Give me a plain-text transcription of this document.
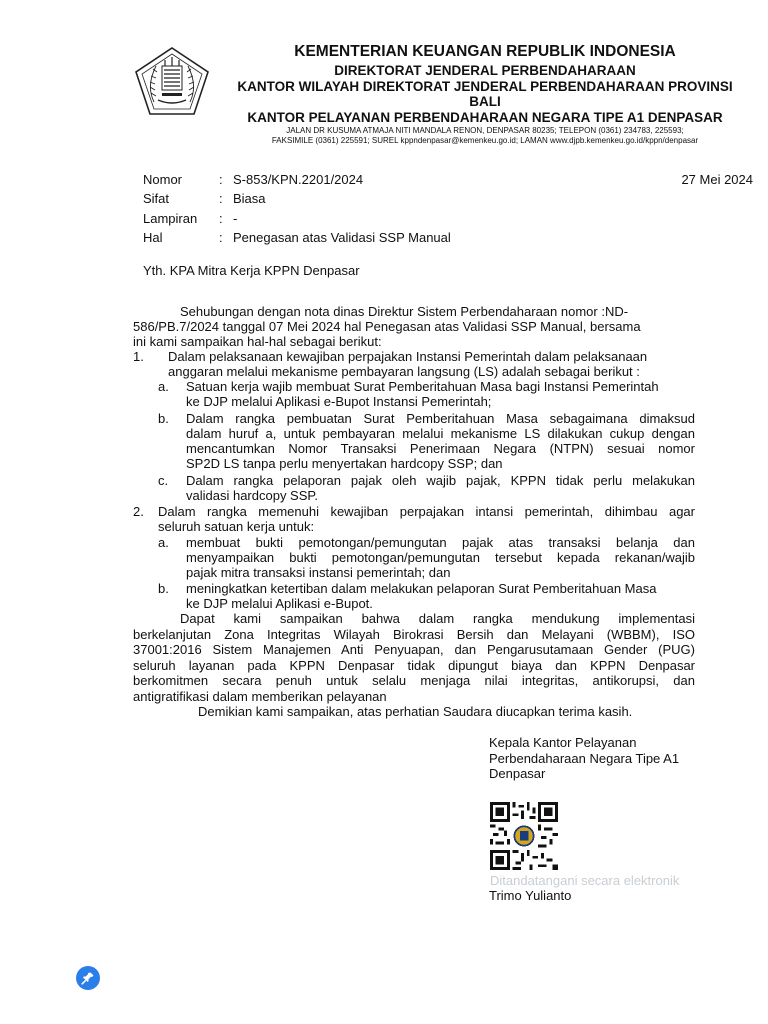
KEMENTERIAN KEUANGAN REPUBLIK INDONESIA
DIREKTORAT JENDERAL PERBENDAHARAAN
KANTOR WILAYAH DIREKTORAT JENDERAL PERBENDAHARAAN PROVINSI
BALI
KANTOR PELAYANAN PERBENDAHARAAN NEGARA TIPE A1 DENPASAR
JALAN DR KUSUMA ATMAJA NITI MANDALA RENON, DENPASAR 80235; TELEPON (0361) 234783, 225593;
FAKSIMILE (0361) 225591; SUREL kppndenpasar@kemenkeu.go.id; LAMAN www.djpb.kemenkeu.go.id/kppn/denpasar
Nomor	: S-853/KPN.2201/2024
Sifat	: Biasa
Lampiran : -
Hal	: Penegasan atas Validasi SSP Manual
27 Mei 2024
Yth. KPA Mitra Kerja KPPN Denpasar
Sehubungan dengan nota dinas Direktur Sistem Perbendaharaan nomor :ND-
586/PB.7/2024 tanggal 07 Mei 2024 hal Penegasan atas Validasi SSP Manual, bersama
ini kami sampaikan hal-hal sebagai berikut:
1. Dalam pelaksanaan kewajiban perpajakan Instansi Pemerintah dalam pelaksanaan
anggaran melalui mekanisme pembayaran langsung (LS) adalah sebagai berikut :
a. Satuan kerja wajib membuat Surat Pemberitahuan Masa bagi Instansi Pemerintah
ke DJP melalui Aplikasi e-Bupot Instansi Pemerintah;
b. Dalam rangka pembuatan Surat Pemberitahuan Masa sebagaimana dimaksud
dalam huruf a, untuk pembayaran melalui mekanisme LS dilakukan cukup dengan
mencantumkan Nomor Transaksi Penerimaan Negara (NTPN) sesuai nomor
SP2D LS tanpa perlu menyertakan hardcopy SSP; dan
c. Dalam rangka pelaporan pajak oleh wajib pajak, KPPN tidak perlu melakukan
validasi hardcopy SSP.
2. Dalam rangka memenuhi kewajiban perpajakan intansi pemerintah, dihimbau agar
seluruh satuan kerja untuk:
a. membuat bukti pemotongan/pemungutan pajak atas transaksi belanja dan
menyampaikan bukti pemotongan/pemungutan tersebut kepada rekanan/wajib
pajak mitra transaksi instansi pemerintah; dan
b. meningkatkan ketertiban dalam melakukan pelaporan Surat Pemberitahuan Masa
ke DJP melalui Aplikasi e-Bupot.
Dapat kami sampaikan bahwa dalam rangka mendukung implementasi
berkelanjutan Zona Integritas Wilayah Birokrasi Bersih dan Melayani (WBBM), ISO
37001:2016 Sistem Manajemen Anti Penyuapan, dan Pengarusutamaan Gender (PUG)
seluruh layanan pada KPPN Denpasar tidak dipungut biaya dan KPPN Denpasar
berkomitmen secara penuh untuk selalu menjaga nilai integritas, antikorupsi, dan
antigratifikasi dalam memberikan pelayanan
Demikian kami sampaikan, atas perhatian Saudara diucapkan terima kasih.
Kepala Kantor Pelayanan
Perbendaharaan Negara Tipe A1
Denpasar
Ditandatangani secara elektronik
Trimo Yulianto
